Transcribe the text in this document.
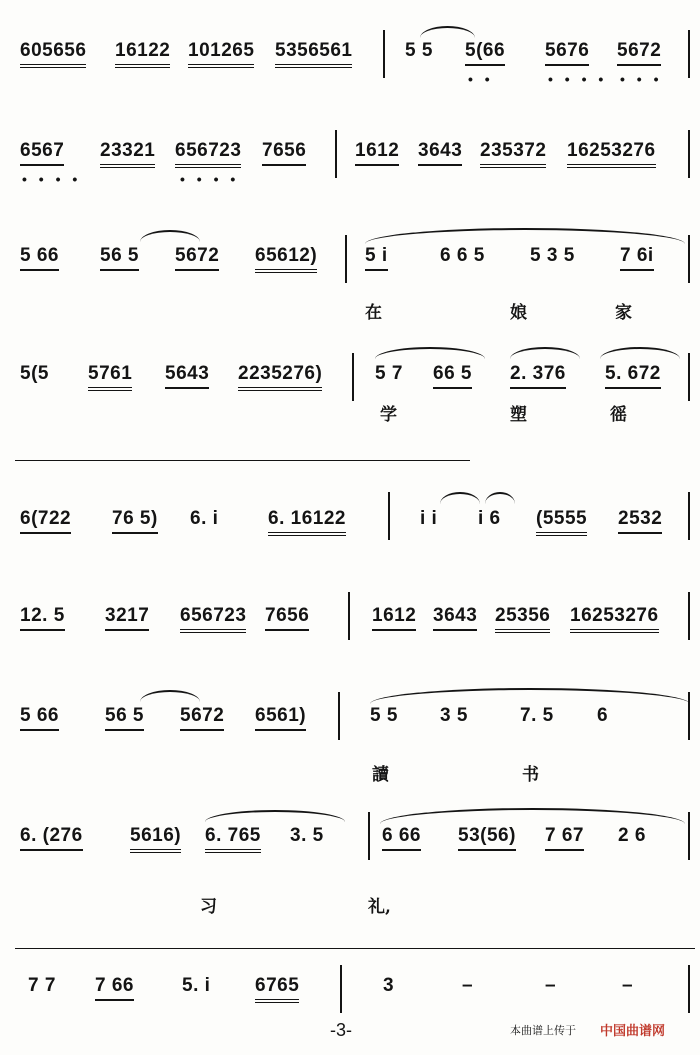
605656 16122 101265 5356561	5 5 5(66 5676 5672
• •	• • • • • • •
6567 23321 656723 7656	1612 3643 235372 16253276
• • • •	• • • •
5 66 56 5 5672 65612)	5 i	6 6 5 5 3 5 7 6i
在	娘	家
5(5 5761 5643 2235276)	5 7 66 5 2. 376 5. 672
学	塑	徭
6(722 76 5) 6. i	6. 16122	i i i 6 (5555 2532
12. 5 3217 656723 7656	1612 3643 25356 16253276
5 66 56 5 5672 6561)	5 5 3 5	7. 5 6
讀	书
6. (276 5616) 6. 765 3. 5	6 66 53(56) 7 67 2 6
习	礼,
7 7 7 66	5. i 6765	3	–	–	–
-3-	本曲谱上传于 中国曲谱网
